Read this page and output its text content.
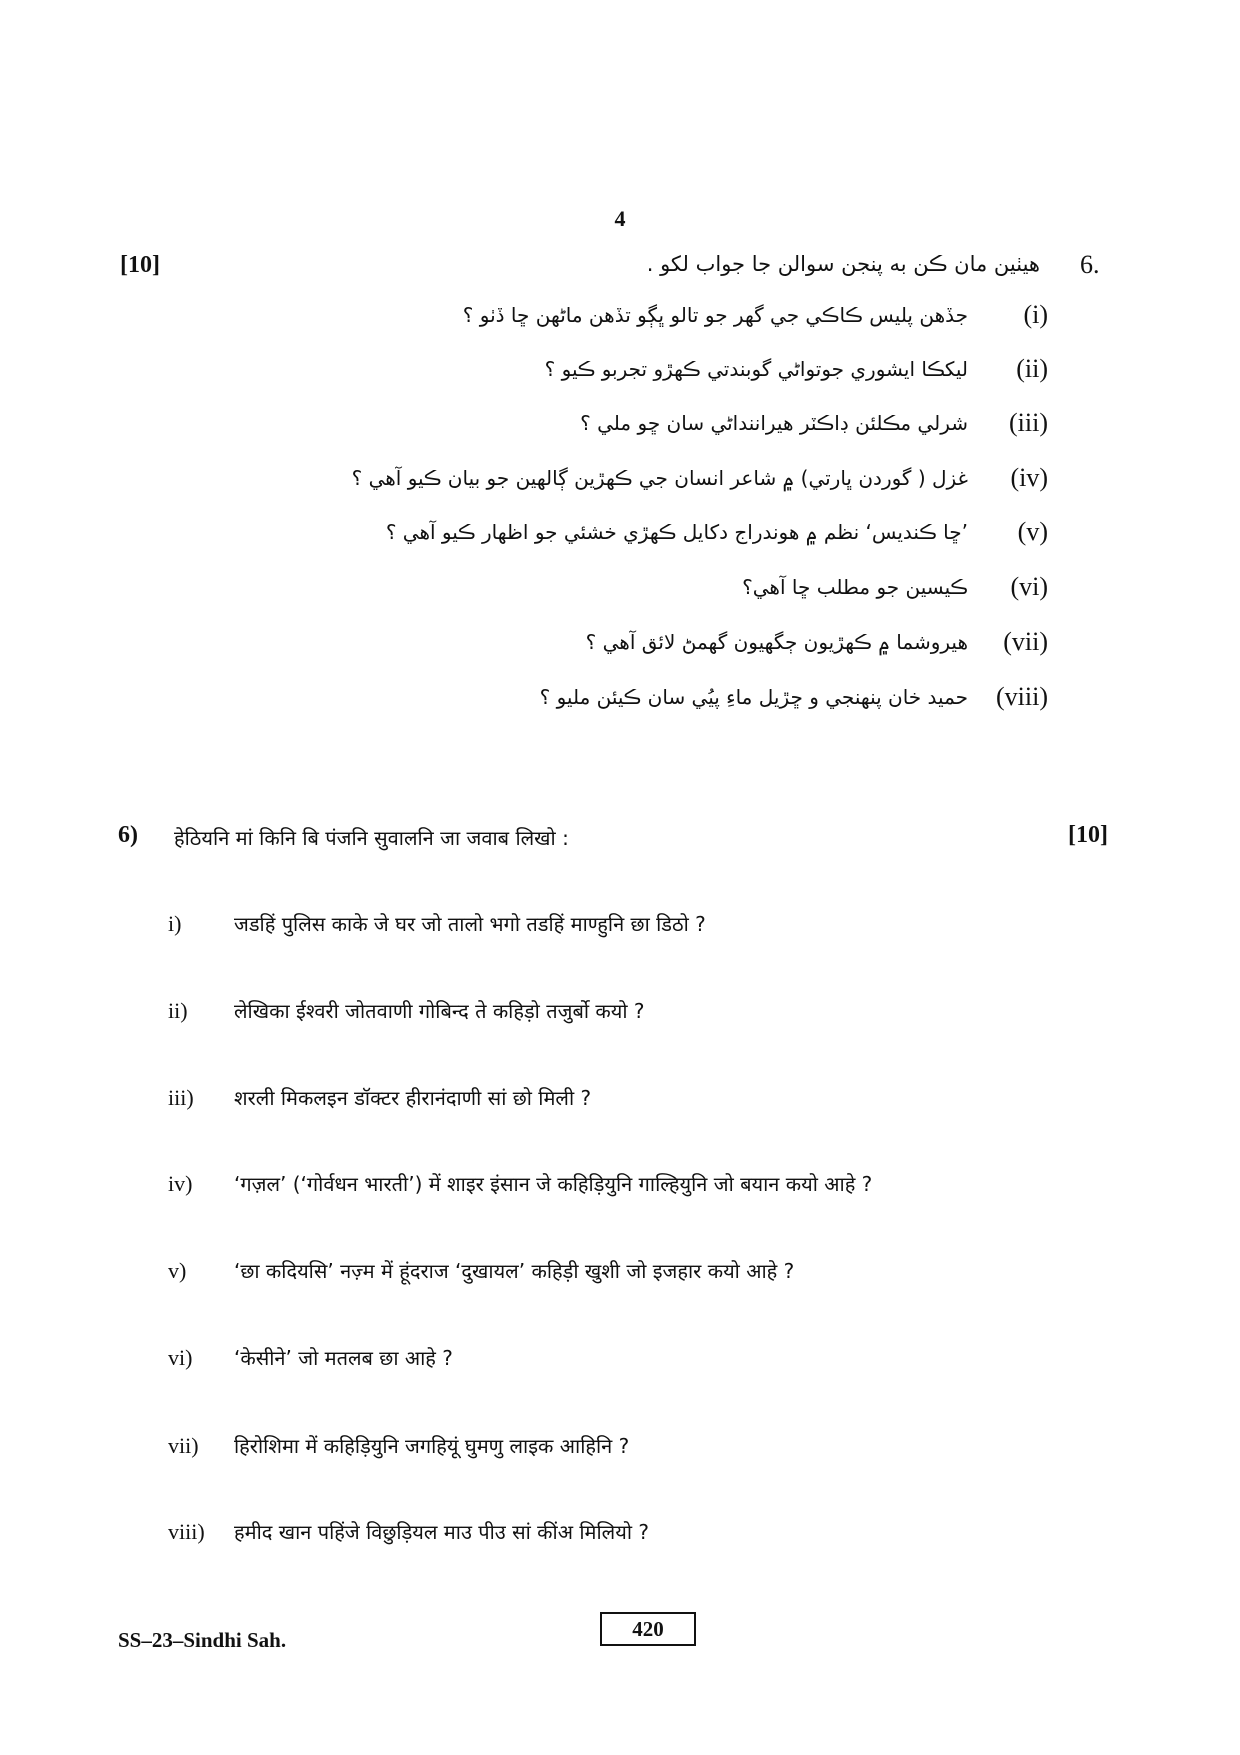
4
[10]	6.
هيٺين مان ڪن به پنجن سوالن جا جواب لکو .
جڏهن پليس ڪاڪي جي گهر جو تالو ڀڳو تڏهن ماڻهن ڇا ڏٺو ؟	(i)
ليکڪا ايشوري جوتواڻي گوبندتي ڪهڙو تجربو ڪيو ؟	(ii)
شرلي مڪلئن ڊاڪٽر هيراننداڻي سان ڇو ملي ؟	(iii)
غزل ( گوردن ڀارتي) ۾ شاعر انسان جي ڪهڙين ڳالهين جو بيان ڪيو آهي ؟	(iv)
’ڇا ڪنديس‘ نظم ۾ هوندراج دکايل ڪهڙي خشئي جو اظهار ڪيو آهي ؟	(v)
ڪيسين جو مطلب ڇا آهي؟	(vi)
هيروشما ۾ ڪهڙيون ڄگهيون گهمڻ لائق آهي ؟	(vii)
حميد خان پنهنجي و ڇڙيل ماءِ پيُي سان ڪيئن مليو ؟	(viii)
6) हेठियनि मां किनि बि पंजनि सुवालनि जा जवाब लिखो :	[10]
i)	जडहिं पुलिस काके जे घर जो तालो भगो तडहिं माण्हुनि छा डिठो ?
ii)	लेखिका ईश्वरी जोतवाणी गोबिन्द ते कहिड़ो तजुर्बो कयो ?
iii)	शरली मिकलइन डॉक्टर हीरानंदाणी सां छो मिली ?
iv)	‘गज़ल’ (‘गोर्वधन भारती’) में शाइर इंसान जे कहिड़ियुनि गाल्हियुनि जो बयान कयो आहे ?
v)	‘छा कदियसि’ नज़्म में हूंदराज ‘दुखायल’ कहिड़ी खुशी जो इजहार कयो आहे ?
vi)	‘केसीने’ जो मतलब छा आहे ?
vii)	हिरोशिमा में कहिड़ियुनि जगहियूं घुमणु लाइक आहिनि ?
viii)	हमीद खान पहिंजे विछुड़ियल माउ पीउ सां कींअ मिलियो ?
SS–23–Sindhi Sah.	420
